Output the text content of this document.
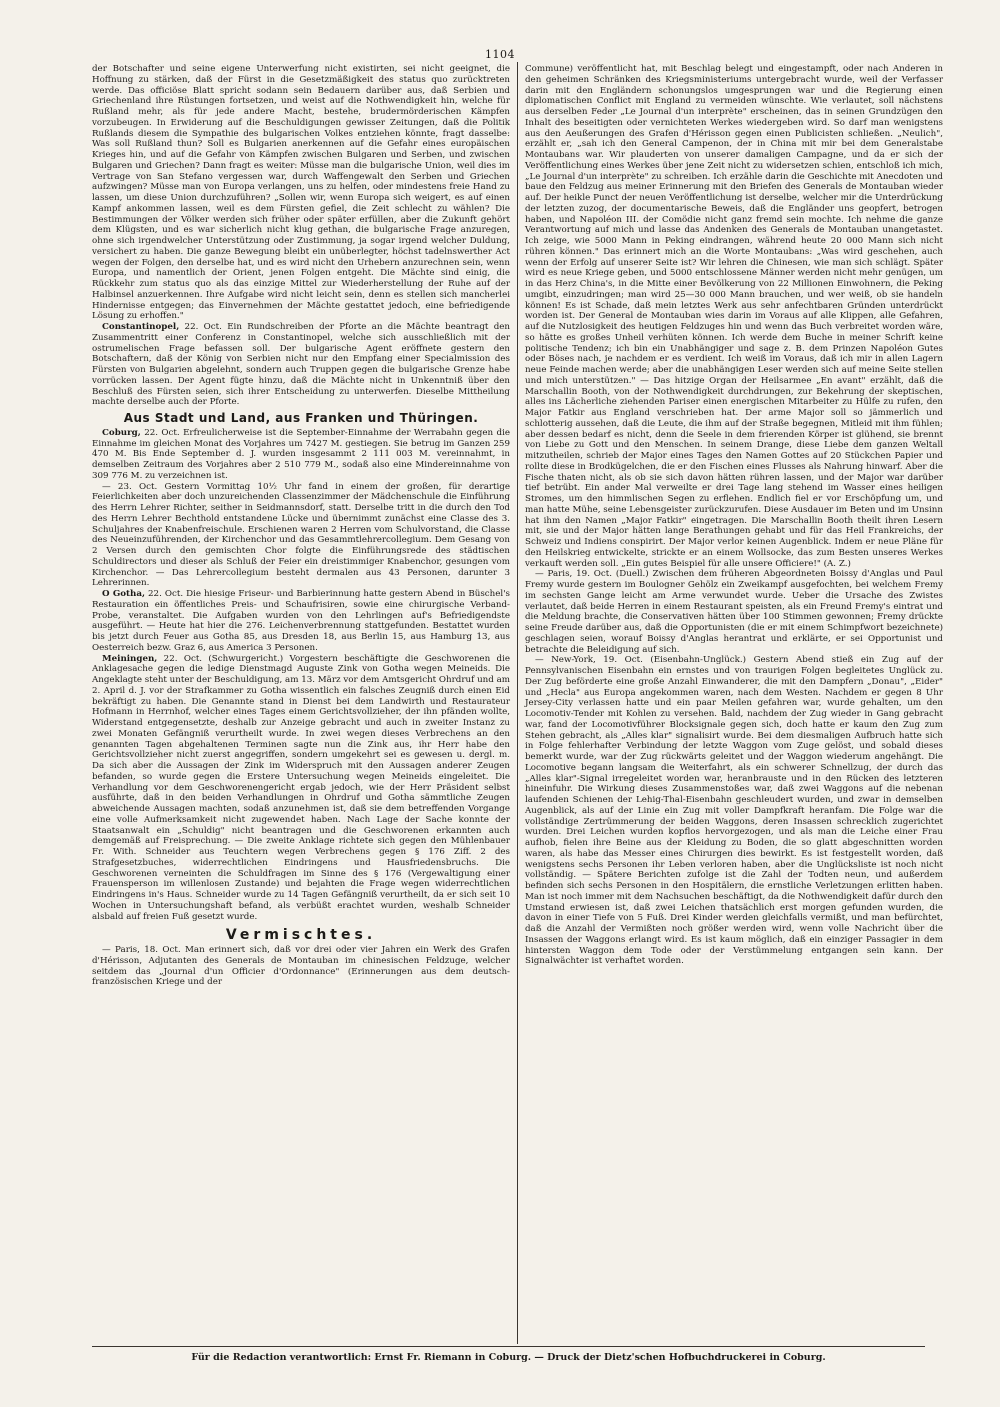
1104

der Botschafter und seine eigene Unterwerfung nicht existirten, sei nicht geeignet, die Hoffnung zu stärken, daß der Fürst in die Gesetzmäßigkeit des status quo zurücktreten werde. Das officiöse Blatt spricht sodann sein Bedauern darüber aus, daß Serbien und Griechenland ihre Rüstungen fortsetzen, und weist auf die Nothwendigkeit hin, welche für Rußland mehr, als für jede andere Macht, bestehe, brudermörderischen Kämpfen vorzubeugen. In Erwiderung auf die Beschuldigungen gewisser Zeitungen, daß die Politik Rußlands diesem die Sympathie des bulgarischen Volkes entziehen könnte, fragt dasselbe: Was soll Rußland thun? Soll es Bulgarien anerkennen auf die Gefahr eines europäischen Krieges hin, und auf die Gefahr von Kämpfen zwischen Bulgaren und Serben, und zwischen Bulgaren und Griechen? Dann fragt es weiter: Müsse man die bulgarische Union, weil dies im Vertrage von San Stefano vergessen war, durch Waffengewalt den Serben und Griechen aufzwingen? Müsse man von Europa verlangen, uns zu helfen, oder mindestens freie Hand zu lassen, um diese Union durchzuführen? „Sollen wir, wenn Europa sich weigert, es auf einen Kampf ankommen lassen, weil es dem Fürsten gefiel, die Zeit schlecht zu wählen? Die Bestimmungen der Völker werden sich früher oder später erfüllen, aber die Zukunft gehört dem Klügsten, und es war sicherlich nicht klug gethan, die bulgarische Frage anzuregen, ohne sich irgendwelcher Unterstützung oder Zustimmung, ja sogar irgend welcher Duldung, versichert zu haben. Die ganze Bewegung bleibt ein unüberlegter, höchst tadelnswerther Act wegen der Folgen, den derselbe hat, und es wird nicht den Urhebern anzurechnen sein, wenn Europa, und namentlich der Orient, jenen Folgen entgeht. Die Mächte sind einig, die Rückkehr zum status quo als das einzige Mittel zur Wiederherstellung der Ruhe auf der Halbinsel anzuerkennen. Ihre Aufgabe wird nicht leicht sein, denn es stellen sich mancherlei Hindernisse entgegen; das Einvernehmen der Mächte gestattet jedoch, eine befriedigende Lösung zu erhoffen."

Constantinopel, 22. Oct. Ein Rundschreiben der Pforte an die Mächte beantragt den Zusammentritt einer Conferenz in Constantinopel, welche sich ausschließlich mit der ostrumelischen Frage befassen soll. Der bulgarische Agent eröffnete gestern den Botschaftern, daß der König von Serbien nicht nur den Empfang einer Specialmission des Fürsten von Bulgarien abgelehnt, sondern auch Truppen gegen die bulgarische Grenze habe vorrücken lassen. Der Agent fügte hinzu, daß die Mächte nicht in Unkenntniß über den Beschluß des Fürsten seien, sich ihrer Entscheidung zu unterwerfen. Dieselbe Mittheilung machte derselbe auch der Pforte.

Aus Stadt und Land, aus Franken und Thüringen.

Coburg, 22. Oct. Erfreulicherweise ist die September-Einnahme der Werrabahn gegen die Einnahme im gleichen Monat des Vorjahres um 7427 M. gestiegen. Sie betrug im Ganzen 259 470 M. Bis Ende September d. J. wurden insgesammt 2 111 003 M. vereinnahmt, in demselben Zeitraum des Vorjahres aber 2 510 779 M., sodaß also eine Mindereinnahme von 309 776 M. zu verzeichnen ist.

— 23. Oct. Gestern Vormittag 10½ Uhr fand in einem der großen, für derartige Feierlichkeiten aber doch unzureichenden Classenzimmer der Mädchenschule die Einführung des Herrn Lehrer Richter, seither in Seidmannsdorf, statt. Derselbe tritt in die durch den Tod des Herrn Lehrer Bechthold entstandene Lücke und übernimmt zunächst eine Classe des 3. Schuljahres der Knabenfreischule. Erschienen waren 2 Herren vom Schulvorstand, die Classe des Neueinzuführenden, der Kirchenchor und das Gesammtlehrercollegium. Dem Gesang von 2 Versen durch den gemischten Chor folgte die Einführungsrede des städtischen Schuldirectors und dieser als Schluß der Feier ein dreistimmiger Knabenchor, gesungen vom Kirchenchor. — Das Lehrercollegium besteht dermalen aus 43 Personen, darunter 3 Lehrerinnen.

O Gotha, 22. Oct. Die hiesige Friseur- und Barbierinnung hatte gestern Abend in Büschel's Restauration ein öffentliches Preis- und Schaufrisiren, sowie eine chirurgische Verband-Probe, veranstaltet. Die Aufgaben wurden von den Lehrlingen auf's Befriedigendste ausgeführt. — Heute hat hier die 276. Leichenverbrennung stattgefunden. Bestattet wurden bis jetzt durch Feuer aus Gotha 85, aus Dresden 18, aus Berlin 15, aus Hamburg 13, aus Oesterreich bezw. Graz 6, aus America 3 Personen.

Meiningen, 22. Oct. (Schwurgericht.) Vorgestern beschäftigte die Geschworenen die Anklagesache gegen die ledige Dienstmagd Auguste Zink von Gotha wegen Meineids. Die Angeklagte steht unter der Beschuldigung, am 13. März vor dem Amtsgericht Ohrdruf und am 2. April d. J. vor der Strafkammer zu Gotha wissentlich ein falsches Zeugniß durch einen Eid bekräftigt zu haben. Die Genannte stand in Dienst bei dem Landwirth und Restaurateur Hofmann in Herrnhof, welcher eines Tages einem Gerichtsvollzieher, der ihn pfänden wollte, Widerstand entgegensetzte, deshalb zur Anzeige gebracht und auch in zweiter Instanz zu zwei Monaten Gefängniß verurtheilt wurde. In zwei wegen dieses Verbrechens an den genannten Tagen abgehaltenen Terminen sagte nun die Zink aus, ihr Herr habe den Gerichtsvollzieher nicht zuerst angegriffen, sondern umgekehrt sei es gewesen u. dergl. m. Da sich aber die Aussagen der Zink im Widerspruch mit den Aussagen anderer Zeugen befanden, so wurde gegen die Erstere Untersuchung wegen Meineids eingeleitet. Die Verhandlung vor dem Geschworenengericht ergab jedoch, wie der Herr Präsident selbst ausführte, daß in den beiden Verhandlungen in Ohrdruf und Gotha sämmtliche Zeugen abweichende Aussagen machten, sodaß anzunehmen ist, daß sie dem betreffenden Vorgange eine volle Aufmerksamkeit nicht zugewendet haben. Nach Lage der Sache konnte der Staatsanwalt ein „Schuldig" nicht beantragen und die Geschworenen erkannten auch demgemäß auf Freisprechung. — Die zweite Anklage richtete sich gegen den Mühlenbauer Fr. With. Schneider aus Teuchtern wegen Verbrechens gegen § 176 Ziff. 2 des Strafgesetzbuches, widerrechtlichen Eindringens und Hausfriedensbruchs. Die Geschworenen verneinten die Schuldfragen im Sinne des § 176 (Vergewaltigung einer Frauensperson im willenlosen Zustande) und bejahten die Frage wegen widerrechtlichen Eindringens in's Haus. Schneider wurde zu 14 Tagen Gefängniß verurtheilt, da er sich seit 10 Wochen in Untersuchungshaft befand, als verbüßt erachtet wurden, weshalb Schneider alsbald auf freien Fuß gesetzt wurde.

Vermischtes.

— Paris, 18. Oct. Man erinnert sich, daß vor drei oder vier Jahren ein Werk des Grafen d'Hérisson, Adjutanten des Generals de Montauban im chinesischen Feldzuge, welcher seitdem das „Journal d'un Officier d'Ordonnance" (Erinnerungen aus dem deutsch-französischen Kriege und der

Commune) veröffentlicht hat, mit Beschlag belegt und eingestampft, oder nach Anderen in den geheimen Schränken des Kriegsministeriums untergebracht wurde, weil der Verfasser darin mit den Engländern schonungslos umgesprungen war und die Regierung einen diplomatischen Conflict mit England zu vermeiden wünschte. Wie verlautet, soll nächstens aus derselben Feder „Le Journal d'un interprète" erscheinen, das in seinen Grundzügen den Inhalt des beseitigten oder vernichteten Werkes wiedergeben wird. So darf man wenigstens aus den Aeußerungen des Grafen d'Hérisson gegen einen Publicisten schließen. „Neulich", erzählt er, „sah ich den General Campenon, der in China mit mir bei dem Generalstabe Montaubans war. Wir plauderten von unserer damaligen Campagne, und da er sich der Veröffentlichung eines Werkes über jene Zeit nicht zu widersetzen schien, entschloß ich mich, „Le Journal d'un interprète" zu schreiben. Ich erzähle darin die Geschichte mit Anecdoten und baue den Feldzug aus meiner Erinnerung mit den Briefen des Generals de Montauban wieder auf. Der heikle Punct der neuen Veröffentlichung ist derselbe, welcher mir die Unterdrückung der letzten zuzog, der documentarische Beweis, daß die Engländer uns geopfert, betrogen haben, und Napoléon III. der Comödie nicht ganz fremd sein mochte. Ich nehme die ganze Verantwortung auf mich und lasse das Andenken des Generals de Montauban unangetastet. Ich zeige, wie 5000 Mann in Peking eindrangen, während heute 20 000 Mann sich nicht rühren können." Das erinnert mich an die Worte Montaubans: „Was wird geschehen, auch wenn der Erfolg auf unserer Seite ist? Wir lehren die Chinesen, wie man sich schlägt. Später wird es neue Kriege geben, und 5000 entschlossene Männer werden nicht mehr genügen, um in das Herz China's, in die Mitte einer Bevölkerung von 22 Millionen Einwohnern, die Peking umgibt, einzudringen; man wird 25—30 000 Mann brauchen, und wer weiß, ob sie handeln können! Es ist Schade, daß mein letztes Werk aus sehr anfechtbaren Gründen unterdrückt worden ist. Der General de Montauban wies darin im Voraus auf alle Klippen, alle Gefahren, auf die Nutzlosigkeit des heutigen Feldzuges hin und wenn das Buch verbreitet worden wäre, so hätte es großes Unheil verhüten können. Ich werde dem Buche in meiner Schrift keine politische Tendenz; ich bin ein Unabhängiger und sage z. B. dem Prinzen Napoléon Gutes oder Böses nach, je nachdem er es verdient. Ich weiß im Voraus, daß ich mir in allen Lagern neue Feinde machen werde; aber die unabhängigen Leser werden sich auf meine Seite stellen und mich unterstützen." — Das hitzige Organ der Heilsarmee „En avant" erzählt, daß die Marschallin Booth, von der Nothwendigkeit durchdrungen, zur Bekehrung der skeptischen, alles ins Lächerliche ziehenden Pariser einen energischen Mitarbeiter zu Hülfe zu rufen, den Major Fatkir aus England verschrieben hat. Der arme Major soll so jämmerlich und schlotterig aussehen, daß die Leute, die ihm auf der Straße begegnen, Mitleid mit ihm fühlen; aber dessen bedarf es nicht, denn die Seele in dem frierenden Körper ist glühend, sie brennt von Liebe zu Gott und den Menschen. In seinem Drange, diese Liebe dem ganzen Weltall mitzutheilen, schrieb der Major eines Tages den Namen Gottes auf 20 Stückchen Papier und rollte diese in Brodkügelchen, die er den Fischen eines Flusses als Nahrung hinwarf. Aber die Fische thaten nicht, als ob sie sich davon hätten rühren lassen, und der Major war darüber tief betrübt. Ein ander Mal verweilte er drei Tage lang stehend im Wasser eines heiligen Stromes, um den himmlischen Segen zu erflehen. Endlich fiel er vor Erschöpfung um, und man hatte Mühe, seine Lebensgeister zurückzurufen. Diese Ausdauer im Beten und im Unsinn hat ihm den Namen „Major Fatkir" eingetragen. Die Marschallin Booth theilt ihren Lesern mit, sie und der Major hätten lange Berathungen gehabt und für das Heil Frankreichs, der Schweiz und Indiens conspirirt. Der Major verlor keinen Augenblick. Indem er neue Pläne für den Heilskrieg entwickelte, strickte er an einem Wollsocke, das zum Besten unseres Werkes verkauft werden soll. „Ein gutes Beispiel für alle unsere Officiere!" (A. Z.)

— Paris, 19. Oct. (Duell.) Zwischen dem früheren Abgeordneten Boissy d'Anglas und Paul Fremy wurde gestern im Boulogner Gehölz ein Zweikampf ausgefochten, bei welchem Fremy im sechsten Gange leicht am Arme verwundet wurde. Ueber die Ursache des Zwistes verlautet, daß beide Herren in einem Restaurant speisten, als ein Freund Fremy's eintrat und die Meldung brachte, die Conservativen hätten über 100 Stimmen gewonnen; Fremy drückte seine Freude darüber aus, daß die Opportunisten (die er mit einem Schimpfwort bezeichnete) geschlagen seien, worauf Boissy d'Anglas herantrat und erklärte, er sei Opportunist und betrachte die Beleidigung auf sich.

— New-York, 19. Oct. (Eisenbahn-Unglück.) Gestern Abend stieß ein Zug auf der Pennsylvanischen Eisenbahn ein ernstes und von traurigen Folgen begleitetes Unglück zu. Der Zug beförderte eine große Anzahl Einwanderer, die mit den Dampfern „Donau", „Eider" und „Hecla" aus Europa angekommen waren, nach dem Westen. Nachdem er gegen 8 Uhr Jersey-City verlassen hatte und ein paar Meilen gefahren war, wurde gehalten, um den Locomotiv-Tender mit Kohlen zu versehen. Bald, nachdem der Zug wieder in Gang gebracht war, fand der Locomotivführer Blocksignale gegen sich, doch hatte er kaum den Zug zum Stehen gebracht, als „Alles klar" signalisirt wurde. Bei dem diesmaligen Aufbruch hatte sich in Folge fehlerhafter Verbindung der letzte Waggon vom Zuge gelöst, und sobald dieses bemerkt wurde, war der Zug rückwärts geleitet und der Waggon wiederum angehängt. Die Locomotive begann langsam die Weiterfahrt, als ein schwerer Schnellzug, der durch das „Alles klar"-Signal irregeleitet worden war, heranbrauste und in den Rücken des letzteren hineinfuhr. Die Wirkung dieses Zusammenstoßes war, daß zwei Waggons auf die nebenan laufenden Schienen der Lehig-Thal-Eisenbahn geschleudert wurden, und zwar in demselben Augenblick, als auf der Linie ein Zug mit voller Dampfkraft heranfam. Die Folge war die vollständige Zertrümmerung der beiden Waggons, deren Insassen schrecklich zugerichtet wurden. Drei Leichen wurden kopflos hervorgezogen, und als man die Leiche einer Frau aufhob, fielen ihre Beine aus der Kleidung zu Boden, die so glatt abgeschnitten worden waren, als habe das Messer eines Chirurgen dies bewirkt. Es ist festgestellt worden, daß wenigstens sechs Personen ihr Leben verloren haben, aber die Unglücksliste ist noch nicht vollständig. — Spätere Berichten zufolge ist die Zahl der Todten neun, und außerdem befinden sich sechs Personen in den Hospitälern, die ernstliche Verletzungen erlitten haben. Man ist noch immer mit dem Nachsuchen beschäftigt, da die Nothwendigkeit dafür durch den Umstand erwiesen ist, daß zwei Leichen thatsächlich erst morgen gefunden wurden, die davon in einer Tiefe von 5 Fuß. Drei Kinder werden gleichfalls vermißt, und man befürchtet, daß die Anzahl der Vermißten noch größer werden wird, wenn volle Nachricht über die Insassen der Waggons erlangt wird. Es ist kaum möglich, daß ein einziger Passagier in dem hintersten Waggon dem Tode oder der Verstümmelung entgangen sein kann. Der Signalwächter ist verhaftet worden.

Für die Redaction verantwortlich: Ernst Fr. Riemann in Coburg. — Druck der Dietz'schen Hofbuchdruckerei in Coburg.
